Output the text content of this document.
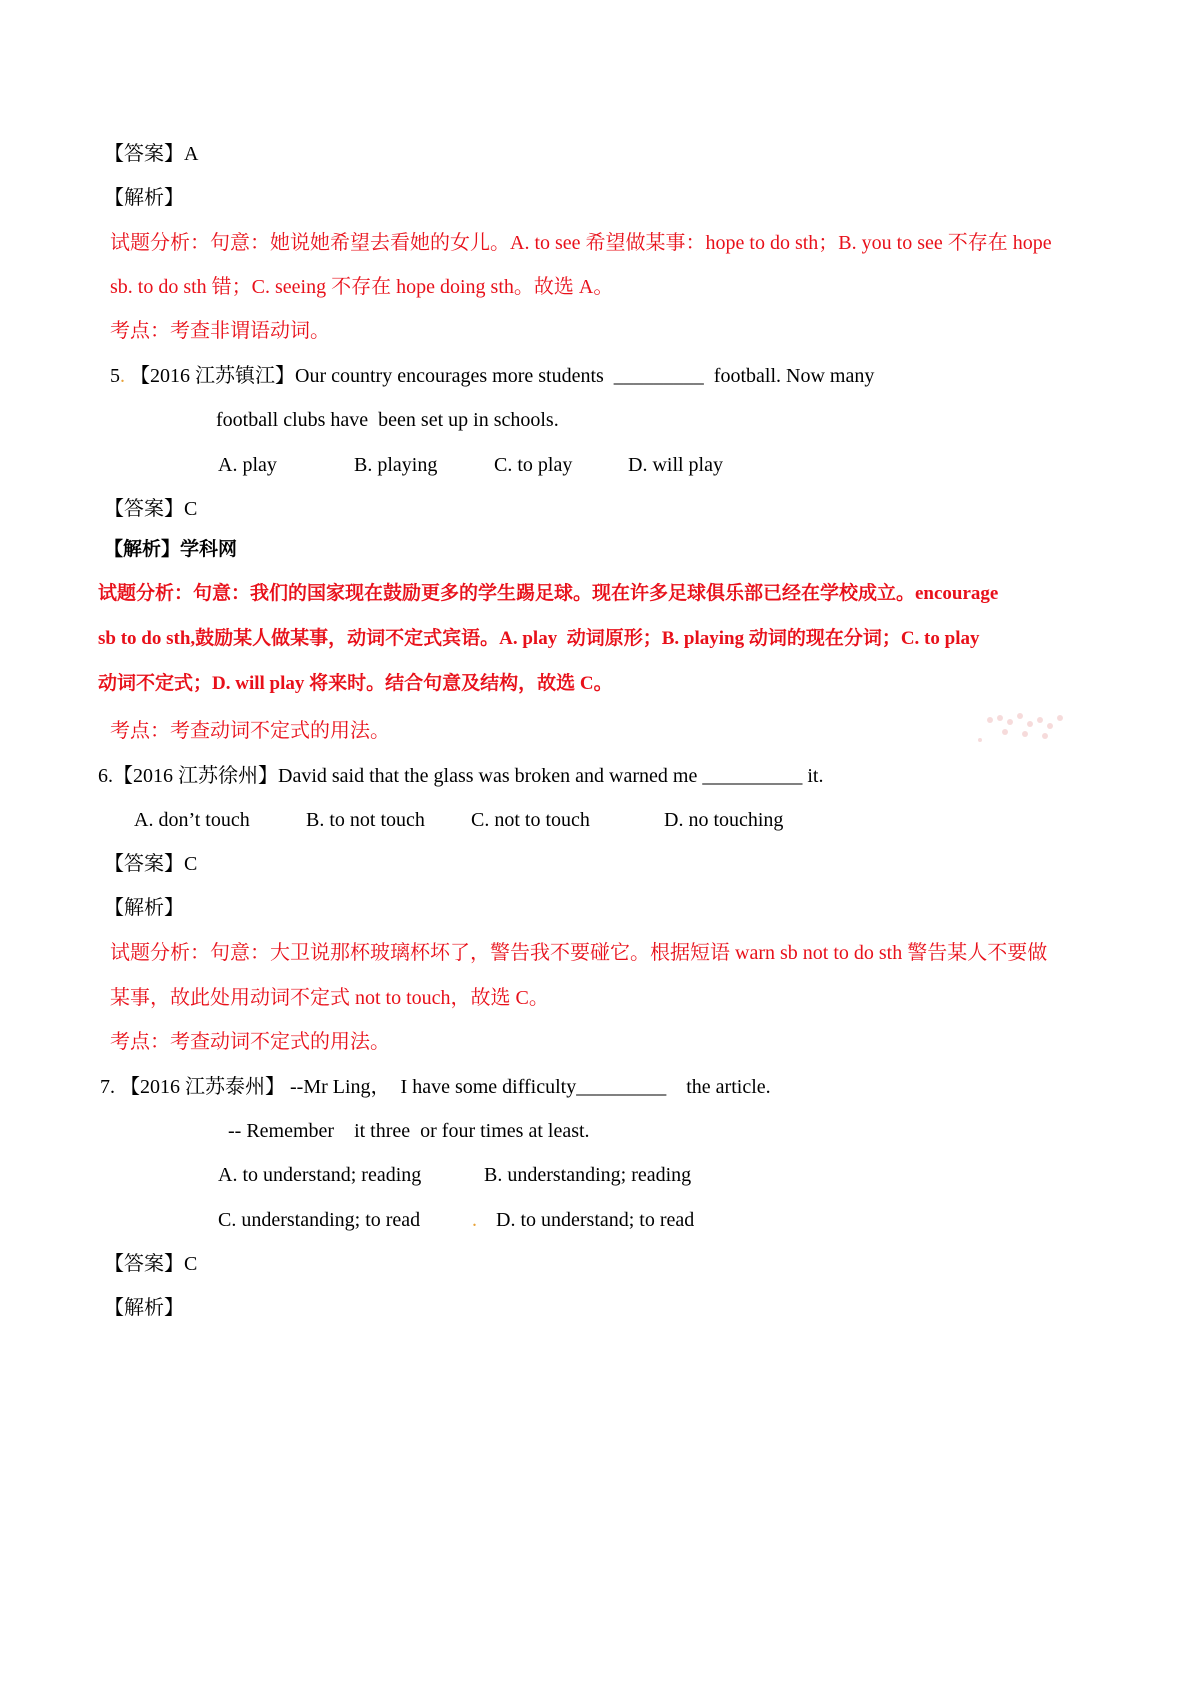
【答案】A
【解析】
试题分析：句意：她说她希望去看她的女儿。A. to see 希望做某事：hope to do sth；B. you to see 不存在 hope
sb. to do sth 错；C. seeing 不存在 hope doing sth。故选 A。
考点：考查非谓语动词。
5. 【2016 江苏镇江】Our country encourages more students  _________  football. Now many
football clubs have  been set up in schools.
A. play	B. playing	C. to play	D. will play
【答案】C
【解析】学科网
试题分析：句意：我们的国家现在鼓励更多的学生踢足球。现在许多足球俱乐部已经在学校成立。encourage
sb to do sth,鼓励某人做某事，动词不定式宾语。A. play  动词原形；B. playing 动词的现在分词；C. to play
动词不定式；D. will play 将来时。结合句意及结构，故选 C。
考点：考查动词不定式的用法。
6.【2016 江苏徐州】David said that the glass was broken and warned me __________ it.
A. don’t touch	B. to not touch C. not to touch	D. no touching
【答案】C
【解析】
试题分析：句意：大卫说那杯玻璃杯坏了，警告我不要碰它。根据短语 warn sb not to do sth 警告某人不要做
某事，故此处用动词不定式 not to touch，故选 C。
考点：考查动词不定式的用法。
7. 【2016 江苏泰州】 --Mr Ling，  I have some difficulty_________    the article.
-- Remember    it three  or four times at least.
A. to understand; reading	B. understanding; reading
C. understanding; to read	. D. to understand; to read
【答案】C
【解析】
